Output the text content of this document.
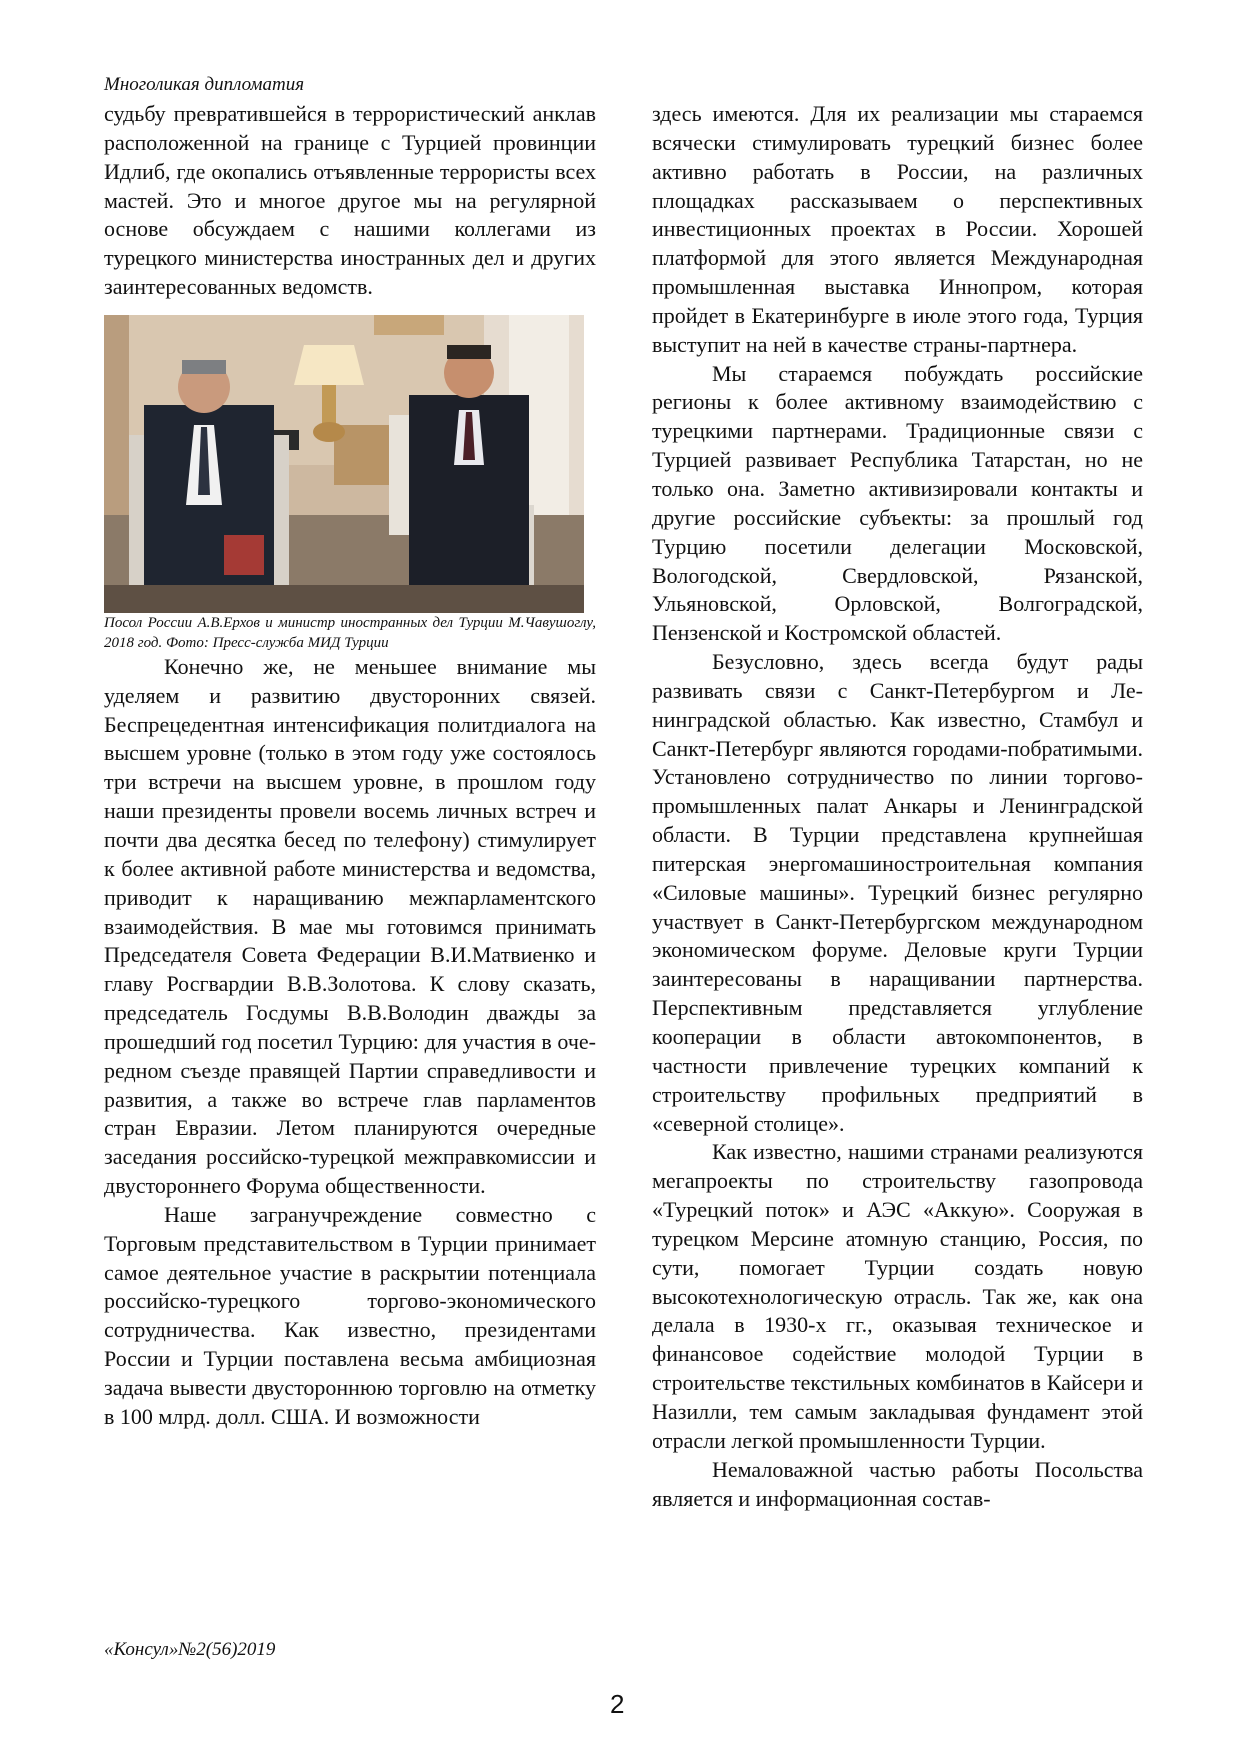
Многоликая дипломатия

судьбу превратившейся в террористический анклав расположенной на границе с Турцией провинции Идлиб, где окопались отъявленные террористы всех мастей. Это и многое другое мы на регулярной основе обсуждаем с нашими коллегами из турецкого министерства иностранных дел и других заинтересованных ведомств.

Посол России А.В.Ерхов и министр иностранных дел Турции М.Чавушоглу, 2018 год. Фото: Пресс-служба МИД Турции

Конечно же, не меньшее внимание мы уделяем и развитию двусторонних связей. Беспрецедентная интенсификация политдиалога на высшем уровне (только в этом году уже состоялось три встречи на высшем уровне, в прошлом году наши президенты провели восемь личных встреч и почти два десятка бесед по телефону) стимулирует к более активной работе министерства и ведомства, приводит к наращиванию межпарламентского взаимодействия. В мае мы готовимся принимать Председателя Совета Федерации В.И.Матвиенко и главу Росгвардии В.В.Золотова. К слову сказать, председатель Госдумы В.В.Володин дважды за прошедший год посетил Турцию: для участия в очередном съезде правящей Партии справедливости и развития, а также во встрече глав парламентов стран Евразии. Летом планируются очередные заседания российско-турецкой межправкомиссии и двустороннего Форума общественности.

Наше загранучреждение совместно с Торговым представительством в Турции принимает самое деятельное участие в раскрытии потенциала российско-турецкого торгово-экономического сотрудничества. Как известно, президентами России и Турции поставлена весьма амбициозная задача вывести двустороннюю торговлю на отметку в 100 млрд. долл. США. И возможности

здесь имеются. Для их реализации мы стараемся всячески стимулировать турецкий бизнес более активно работать в России, на различных площадках рассказываем о перспективных инвестиционных проектах в России. Хорошей платформой для этого является Международная промышленная выставка Иннопром, которая пройдет в Екатеринбурге в июле этого года, Турция выступит на ней в качестве страны-партнера.

Мы стараемся побуждать российские регионы к более активному взаимодействию с турецкими партнерами. Традиционные связи с Турцией развивает Республика Татарстан, но не только она. Заметно активизировали контакты и другие российские субъекты: за прошлый год Турцию посетили делегации Московской, Вологодской, Свердловской, Рязанской, Ульяновской, Орловской, Волгоградской, Пензенской и Костромской областей.

Безусловно, здесь всегда будут рады развивать связи с Санкт-Петербургом и Ленинградской областью. Как известно, Стамбул и Санкт-Петербург являются городами-побратимыми. Установлено сотрудничество по линии торгово-промышленных палат Анкары и Ленинградской области. В Турции представлена крупнейшая питерская энергомашиностроительная компания «Силовые машины». Турецкий бизнес регулярно участвует в Санкт-Петербургском международном экономическом форуме. Деловые круги Турции заинтересованы в наращивании партнерства. Перспективным представляется углубление кооперации в области автокомпонентов, в частности привлечение турецких компаний к строительству профильных предприятий в «северной столице».

Как известно, нашими странами реализуются мегапроекты по строительству газопровода «Турецкий поток» и АЭС «Аккую». Сооружая в турецком Мерсине атомную станцию, Россия, по сути, помогает Турции создать новую высокотехнологическую отрасль. Так же, как она делала в 1930-х гг., оказывая техническое и финансовое содействие молодой Турции в строительстве текстильных комбинатов в Кайсери и Назилли, тем самым закладывая фундамент этой отрасли легкой промышленности Турции.

Немаловажной частью работы Посольства является и информационная состав-

«Консул»№2(56)2019
2
